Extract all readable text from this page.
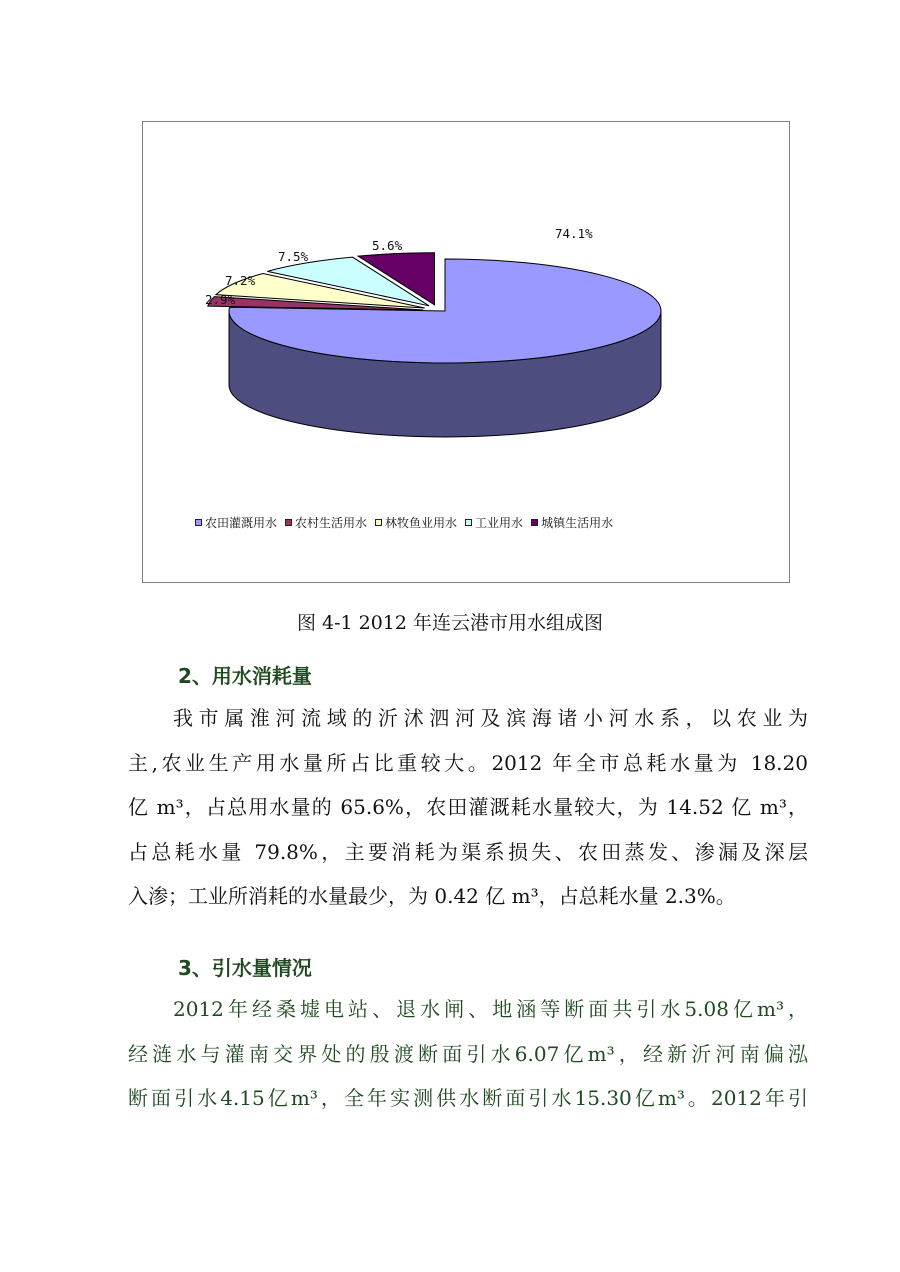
74.1%
2.9%
7.2%
7.5%
5.6%
农田灌溉用水 农村生活用水 林牧鱼业用水 工业用水 城镇生活用水
图 4-1 2012 年连云港市用水组成图
2、用水消耗量
我市属淮河流域的沂沭泗河及滨海诸小河水系，以农业为
主,农业生产用水量所占比重较大。2012 年全市总耗水量为 18.20
亿 m³，占总用水量的 65.6%，农田灌溉耗水量较大，为 14.52 亿 m³，
占总耗水量 79.8%，主要消耗为渠系损失、农田蒸发、渗漏及深层
入渗；工业所消耗的水量最少，为 0.42 亿 m³，占总耗水量 2.3%。
3、引水量情况
2012年经桑墟电站、退水闸、地涵等断面共引水5.08亿m³，
经涟水与灌南交界处的殷渡断面引水6.07亿m³，经新沂河南偏泓
断面引水4.15亿m³，全年实测供水断面引水15.30亿m³。2012年引
